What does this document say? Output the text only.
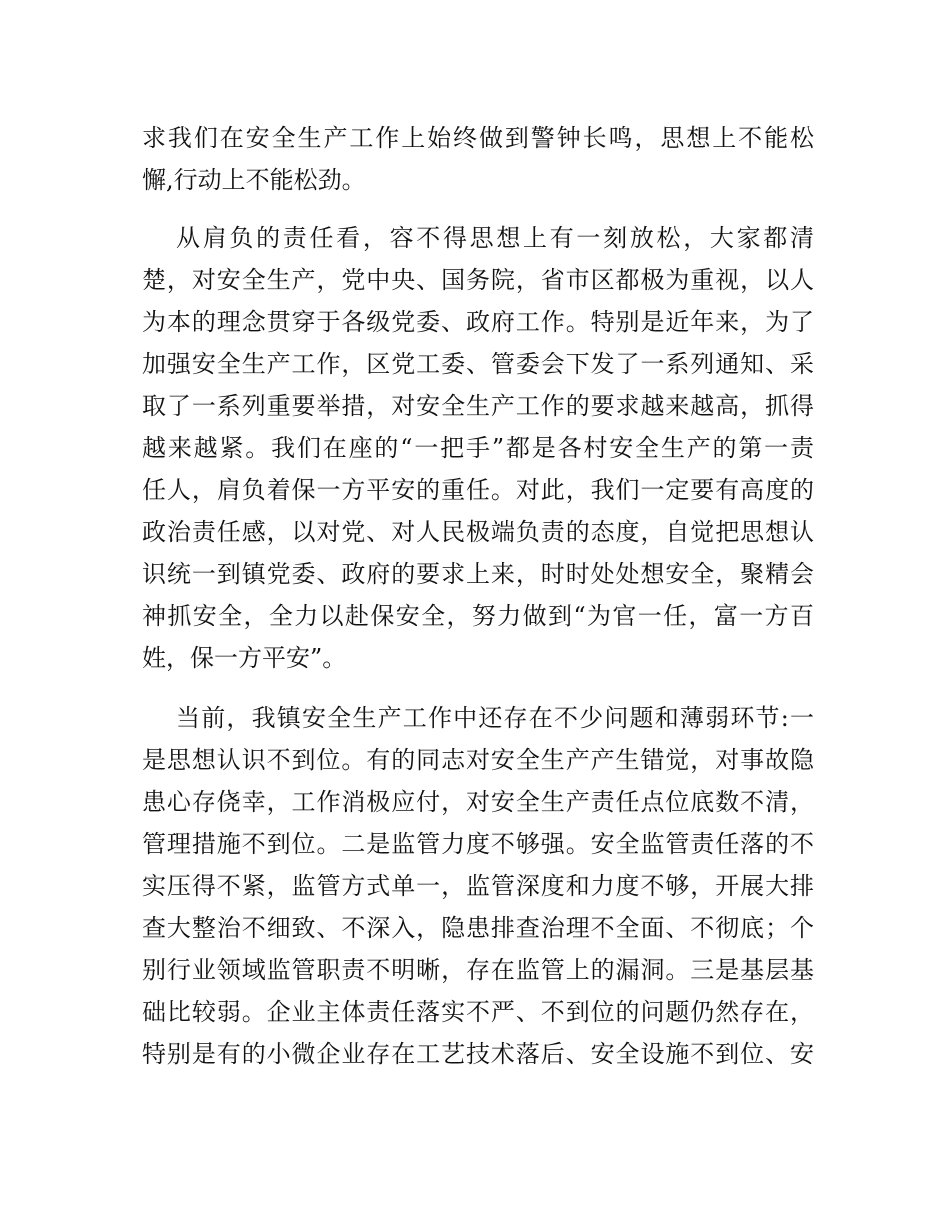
求我们在安全生产工作上始终做到警钟长鸣，思想上不能松
懈,行动上不能松劲。
从肩负的责任看，容不得思想上有一刻放松，大家都清
楚，对安全生产，党中央、国务院，省市区都极为重视，以人
为本的理念贯穿于各级党委、政府工作。特别是近年来，为了
加强安全生产工作，区党工委、管委会下发了一系列通知、采
取了一系列重要举措，对安全生产工作的要求越来越高，抓得
越来越紧。我们在座的“一把手”都是各村安全生产的第一责
任人，肩负着保一方平安的重任。对此，我们一定要有高度的
政治责任感，以对党、对人民极端负责的态度，自觉把思想认
识统一到镇党委、政府的要求上来，时时处处想安全，聚精会
神抓安全，全力以赴保安全，努力做到“为官一任，富一方百
姓，保一方平安”。
当前，我镇安全生产工作中还存在不少问题和薄弱环节:一
是思想认识不到位。有的同志对安全生产产生错觉，对事故隐
患心存侥幸，工作消极应付，对安全生产责任点位底数不清，
管理措施不到位。二是监管力度不够强。安全监管责任落的不
实压得不紧，监管方式单一，监管深度和力度不够，开展大排
查大整治不细致、不深入，隐患排查治理不全面、不彻底；个
别行业领域监管职责不明晰，存在监管上的漏洞。三是基层基
础比较弱。企业主体责任落实不严、不到位的问题仍然存在，
特别是有的小微企业存在工艺技术落后、安全设施不到位、安
